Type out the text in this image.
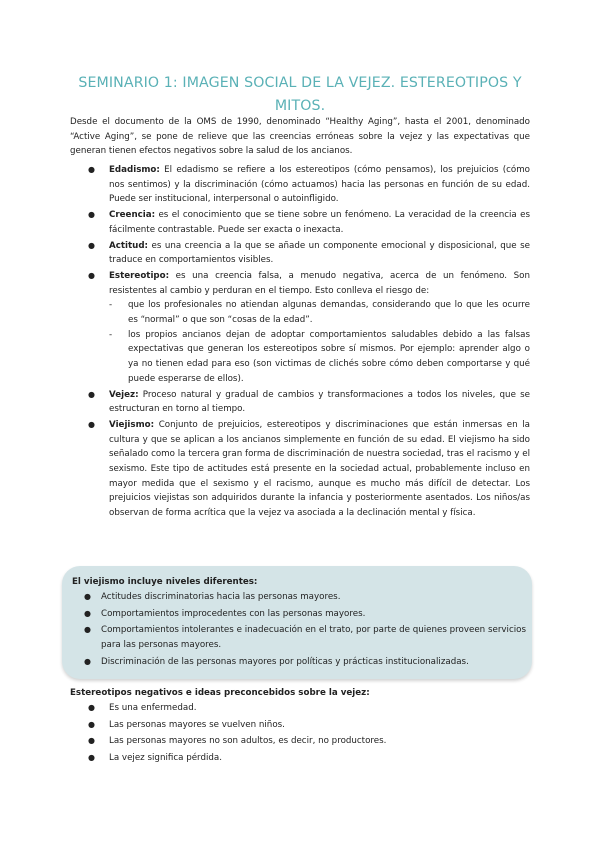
SEMINARIO 1: IMAGEN SOCIAL DE LA VEJEZ. ESTEREOTIPOS Y MITOS.

Desde el documento de la OMS de 1990, denominado “Healthy Aging”, hasta el 2001, denominado “Active Aging”, se pone de relieve que las creencias erróneas sobre la vejez y las expectativas que generan tienen efectos negativos sobre la salud de los ancianos.

●	Edadismo: El edadismo se refiere a los estereotipos (cómo pensamos), los prejuicios (cómo nos sentimos) y la discriminación (cómo actuamos) hacia las personas en función de su edad. Puede ser institucional, interpersonal o autoinfligido.
●	Creencia: es el conocimiento que se tiene sobre un fenómeno. La veracidad de la creencia es fácilmente contrastable. Puede ser exacta o inexacta.
●	Actitud: es una creencia a la que se añade un componente emocional y disposicional, que se traduce en comportamientos visibles.
●	Estereotipo: es una creencia falsa, a menudo negativa, acerca de un fenómeno. Son resistentes al cambio y perduran en el tiempo. Esto conlleva el riesgo de:
- que los profesionales no atiendan algunas demandas, considerando que lo que les ocurre es “normal” o que son “cosas de la edad”.
- los propios ancianos dejan de adoptar comportamientos saludables debido a las falsas expectativas que generan los estereotipos sobre sí mismos. Por ejemplo: aprender algo o ya no tienen edad para eso (son victimas de clichés sobre cómo deben comportarse y qué puede esperarse de ellos).
●	Vejez: Proceso natural y gradual de cambios y transformaciones a todos los niveles, que se estructuran en torno al tiempo.
●	Viejismo: Conjunto de prejuicios, estereotipos y discriminaciones que están inmersas en la cultura y que se aplican a los ancianos simplemente en función de su edad. El viejismo ha sido señalado como la tercera gran forma de discriminación de nuestra sociedad, tras el racismo y el sexismo. Este tipo de actitudes está presente en la sociedad actual, probablemente incluso en mayor medida que el sexismo y el racismo, aunque es mucho más difícil de detectar. Los prejuicios viejistas son adquiridos durante la infancia y posteriormente asentados. Los niños/as observan de forma acrítica que la vejez va asociada a la declinación mental y física.
El viejismo incluye niveles diferentes:
●	Actitudes discriminatorias hacia las personas mayores.
●	Comportamientos improcedentes con las personas mayores.
●	Comportamientos intolerantes e inadecuación en el trato, por parte de quienes proveen servicios para las personas mayores.
●	Discriminación de las personas mayores por políticas y prácticas institucionalizadas.
Estereotipos negativos e ideas preconcebidos sobre la vejez:
●	Es una enfermedad.
●	Las personas mayores se vuelven niños.
●	Las personas mayores no son adultos, es decir, no productores.
●	La vejez significa pérdida.
